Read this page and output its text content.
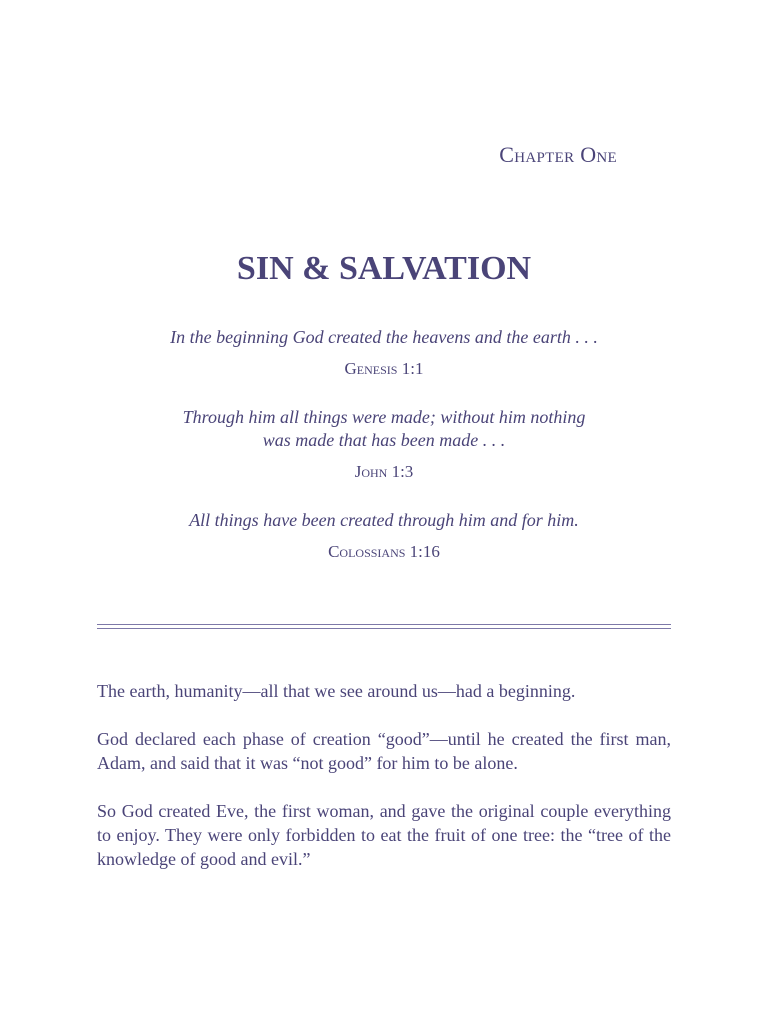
Chapter One
SIN & SALVATION

In the beginning God created the heavens and the earth . . .

Genesis 1:1

Through him all things were made; without him nothing
was made that has been made . . .

John 1:3

All things have been created through him and for him.

Colossians 1:16

The earth, humanity—all that we see around us—had a beginning.

God declared each phase of creation “good”—until he created the first man, Adam, and said that it was “not good” for him to be alone.

So God created Eve, the first woman, and gave the original couple everything to enjoy. They were only forbidden to eat the fruit of one tree: the “tree of the knowledge of good and evil.”
